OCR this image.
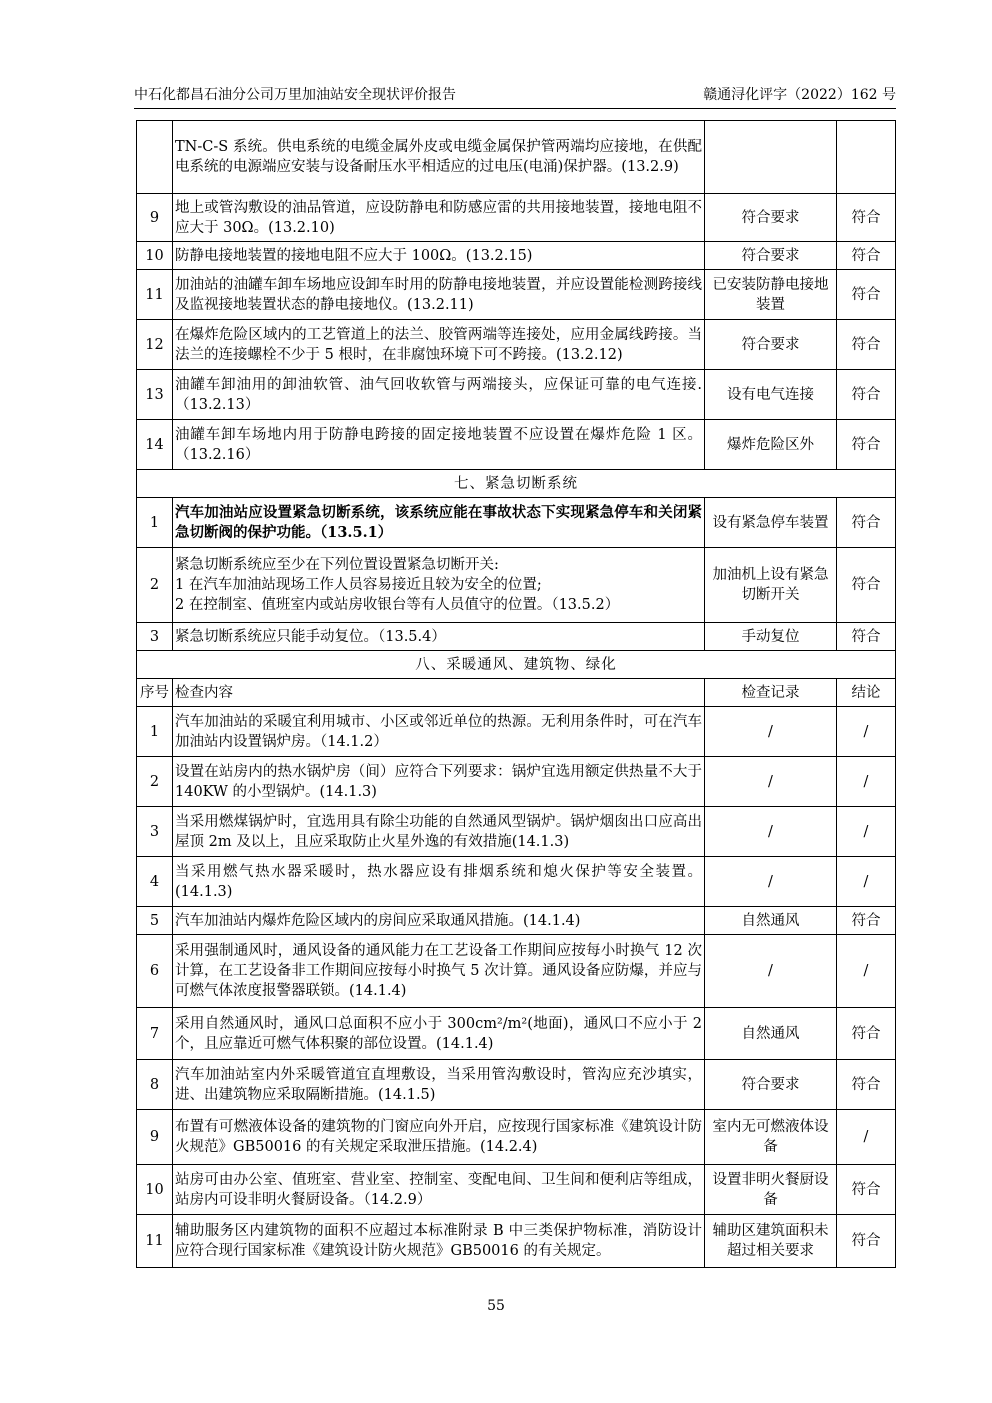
中石化都昌石油分公司万里加油站安全现状评价报告	赣通浔化评字（2022）162 号
	TN-C-S 系统。供电系统的电缆金属外皮或电缆金属保护管两端均应接地，在供配电系统的电源端应安装与设备耐压水平相适应的过电压(电涌)保护器。(13.2.9)		
9	地上或管沟敷设的油品管道，应设防静电和防感应雷的共用接地装置，接地电阻不应大于 30Ω。(13.2.10)	符合要求	符合
10	防静电接地装置的接地电阻不应大于 100Ω。(13.2.15)	符合要求	符合
11	加油站的油罐车卸车场地应设卸车时用的防静电接地装置，并应设置能检测跨接线及监视接地装置状态的静电接地仪。(13.2.11)	已安装防静电接地装置	符合
12	在爆炸危险区域内的工艺管道上的法兰、胶管两端等连接处，应用金属线跨接。当法兰的连接螺栓不少于 5 根时，在非腐蚀环境下可不跨接。(13.2.12)	符合要求	符合
13	油罐车卸油用的卸油软管、油气回收软管与两端接头，应保证可靠的电气连接.（13.2.13）	设有电气连接	符合
14	油罐车卸车场地内用于防静电跨接的固定接地装置不应设置在爆炸危险 1 区。（13.2.16）	爆炸危险区外	符合
七、紧急切断系统			
1	汽车加油站应设置紧急切断系统，该系统应能在事故状态下实现紧急停车和关闭紧急切断阀的保护功能。（13.5.1）	设有紧急停车装置	符合
2	紧急切断系统应至少在下列位置设置紧急切断开关:
1 在汽车加油站现场工作人员容易接近且较为安全的位置;
2 在控制室、值班室内或站房收银台等有人员值守的位置。（13.5.2）	加油机上设有紧急切断开关	符合
3	紧急切断系统应只能手动复位。（13.5.4）	手动复位	符合
八、采暖通风、建筑物、绿化			
序号	检查内容	检查记录	结论
1	汽车加油站的采暖宜利用城市、小区或邻近单位的热源。无利用条件时，可在汽车加油站内设置锅炉房。（14.1.2）	/	/
2	设置在站房内的热水锅炉房（间）应符合下列要求：锅炉宜选用额定供热量不大于 140KW 的小型锅炉。(14.1.3)	/	/
3	当采用燃煤锅炉时，宜选用具有除尘功能的自然通风型锅炉。锅炉烟囱出口应高出屋顶 2m 及以上，且应采取防止火星外逸的有效措施(14.1.3)	/	/
4	当采用燃气热水器采暖时，热水器应设有排烟系统和熄火保护等安全装置。(14.1.3)	/	/
5	汽车加油站内爆炸危险区域内的房间应采取通风措施。(14.1.4)	自然通风	符合
6	采用强制通风时，通风设备的通风能力在工艺设备工作期间应按每小时换气 12 次计算，在工艺设备非工作期间应按每小时换气 5 次计算。通风设备应防爆，并应与可燃气体浓度报警器联锁。(14.1.4)	/	/
7	采用自然通风时，通风口总面积不应小于 300cm²/m²(地面)，通风口不应小于 2 个，且应靠近可燃气体积聚的部位设置。(14.1.4)	自然通风	符合
8	汽车加油站室内外采暖管道宜直埋敷设，当采用管沟敷设时，管沟应充沙填实，进、出建筑物应采取隔断措施。(14.1.5)	符合要求	符合
9	布置有可燃液体设备的建筑物的门窗应向外开启，应按现行国家标准《建筑设计防火规范》GB50016 的有关规定采取泄压措施。(14.2.4)	室内无可燃液体设备	/
10	站房可由办公室、值班室、营业室、控制室、变配电间、卫生间和便利店等组成，站房内可设非明火餐厨设备。（14.2.9）	设置非明火餐厨设备	符合
11	辅助服务区内建筑物的面积不应超过本标准附录 B 中三类保护物标准，消防设计应符合现行国家标准《建筑设计防火规范》GB50016 的有关规定。	辅助区建筑面积未超过相关要求	符合
55
